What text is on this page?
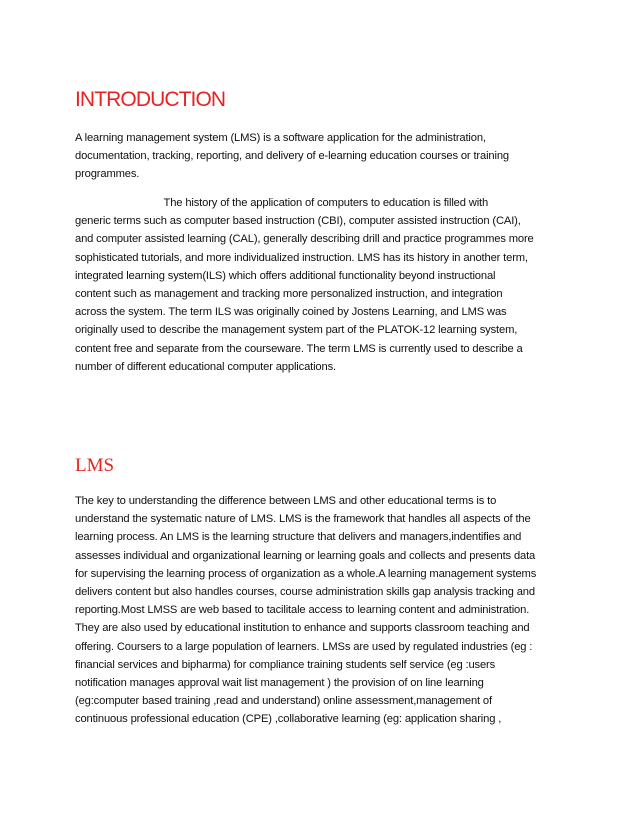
INTRODUCTION

A learning management system (LMS) is a software application for the administration,
documentation, tracking, reporting, and delivery of e-learning education courses or training
programmes.

The history of the application of computers to education is filled with
generic terms such as computer based instruction (CBI), computer assisted instruction (CAI),
and computer assisted learning (CAL), generally describing drill and practice programmes more
sophisticated tutorials, and more individualized instruction. LMS has its history in another term,
integrated learning system(ILS) which offers additional functionality beyond instructional
content such as management and tracking more personalized instruction, and integration
across the system. The term ILS was originally coined by Jostens Learning, and LMS was
originally used to describe the management system part of the PLATOK-12 learning system,
content free and separate from the courseware. The term LMS is currently used to describe a
number of different educational computer applications.

LMS

The key to understanding the difference between LMS and other educational terms is to
understand the systematic nature of LMS. LMS is the framework that handles all aspects of the
learning process. An LMS is the learning structure that delivers and managers,indentifies and
assesses individual and organizational learning or learning goals and collects and presents data
for supervising the learning process of organization as a whole.A learning management systems
delivers content but also handles courses, course administration skills gap analysis tracking and
reporting.Most LMSS are web based to tacilitale access to learning content and administration.
They are also used by educational institution to enhance and supports classroom teaching and
offering. Coursers to a large population of learners. LMSs are used by regulated industries (eg :
financial services and bipharma) for compliance training students self service (eg :users
notification manages approval wait list management ) the provision of on line learning
(eg:computer based training ,read and understand) online assessment,management of
continuous professional education (CPE) ,collaborative learning (eg: application sharing ,
